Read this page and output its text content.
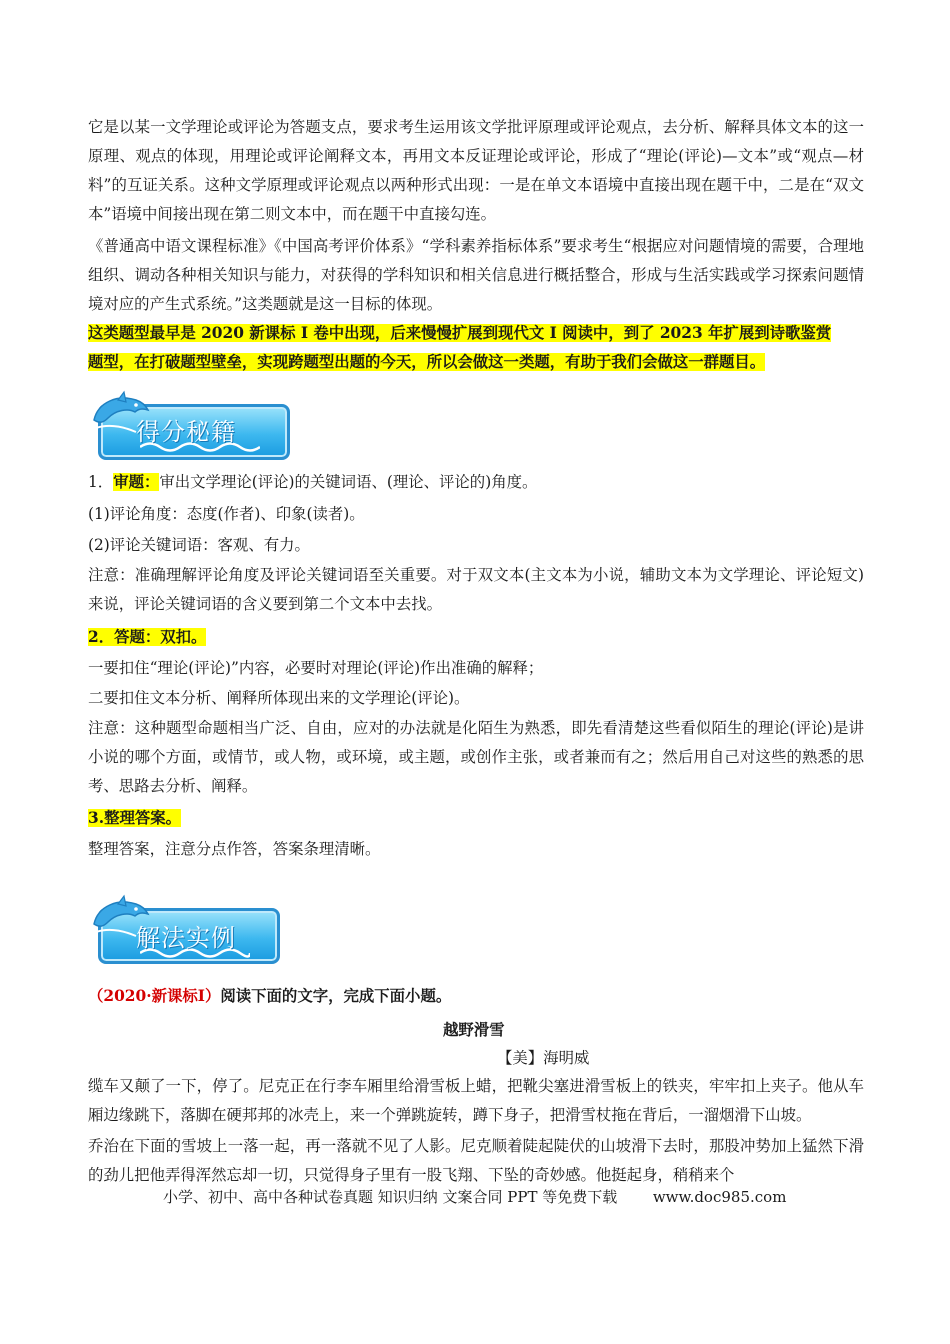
它是以某一文学理论或评论为答题支点，要求考生运用该文学批评原理或评论观点，去分析、解释具体文本的这一原理、观点的体现，用理论或评论阐释文本，再用文本反证理论或评论，形成了“理论(评论)—文本”或“观点—材料”的互证关系。这种文学原理或评论观点以两种形式出现：一是在单文本语境中直接出现在题干中，二是在“双文本”语境中间接出现在第二则文本中，而在题干中直接勾连。

《普通高中语文课程标准》《中国高考评价体系》“学科素养指标体系”要求考生“根据应对问题情境的需要，合理地组织、调动各种相关知识与能力，对获得的学科知识和相关信息进行概括整合，形成与生活实践或学习探索问题情境对应的产生式系统。”这类题就是这一目标的体现。

这类题型最早是 2020 新课标 I 卷中出现，后来慢慢扩展到现代文 I 阅读中，到了 2023 年扩展到诗歌鉴赏
题型，在打破题型壁垒，实现跨题型出题的今天，所以会做这一类题，有助于我们会做这一群题目。
得分秘籍
1．审题：审出文学理论(评论)的关键词语、(理论、评论的)角度。
(1)评论角度：态度(作者)、印象(读者)。
(2)评论关键词语：客观、有力。

注意：准确理解评论角度及评论关键词语至关重要。对于双文本(主文本为小说，辅助文本为文学理论、评论短文)来说，评论关键词语的含义要到第二个文本中去找。

2．答题：双扣。
一要扣住“理论(评论)”内容，必要时对理论(评论)作出准确的解释；
二要扣住文本分析、阐释所体现出来的文学理论(评论)。

注意：这种题型命题相当广泛、自由，应对的办法就是化陌生为熟悉，即先看清楚这些看似陌生的理论(评论)是讲小说的哪个方面，或情节，或人物，或环境，或主题，或创作主张，或者兼而有之；然后用自己对这些的熟悉的思考、思路去分析、阐释。

3.整理答案。
整理答案，注意分点作答，答案条理清晰。
解法实例
（2020·新课标Ⅰ）阅读下面的文字，完成下面小题。
越野滑雪
【美】海明威

缆车又颠了一下，停了。尼克正在行李车厢里给滑雪板上蜡，把靴尖塞进滑雪板上的铁夹，牢牢扣上夹子。他从车厢边缘跳下，落脚在硬邦邦的冰壳上，来一个弹跳旋转，蹲下身子，把滑雪杖拖在背后，一溜烟滑下山坡。

乔治在下面的雪坡上一落一起，再一落就不见了人影。尼克顺着陡起陡伏的山坡滑下去时，那股冲势加上猛然下滑的劲儿把他弄得浑然忘却一切，只觉得身子里有一股飞翔、下坠的奇妙感。他挺起身，稍稍来个

小学、初中、高中各种试卷真题 知识归纳 文案合同 PPT 等免费下载 www.doc985.com
